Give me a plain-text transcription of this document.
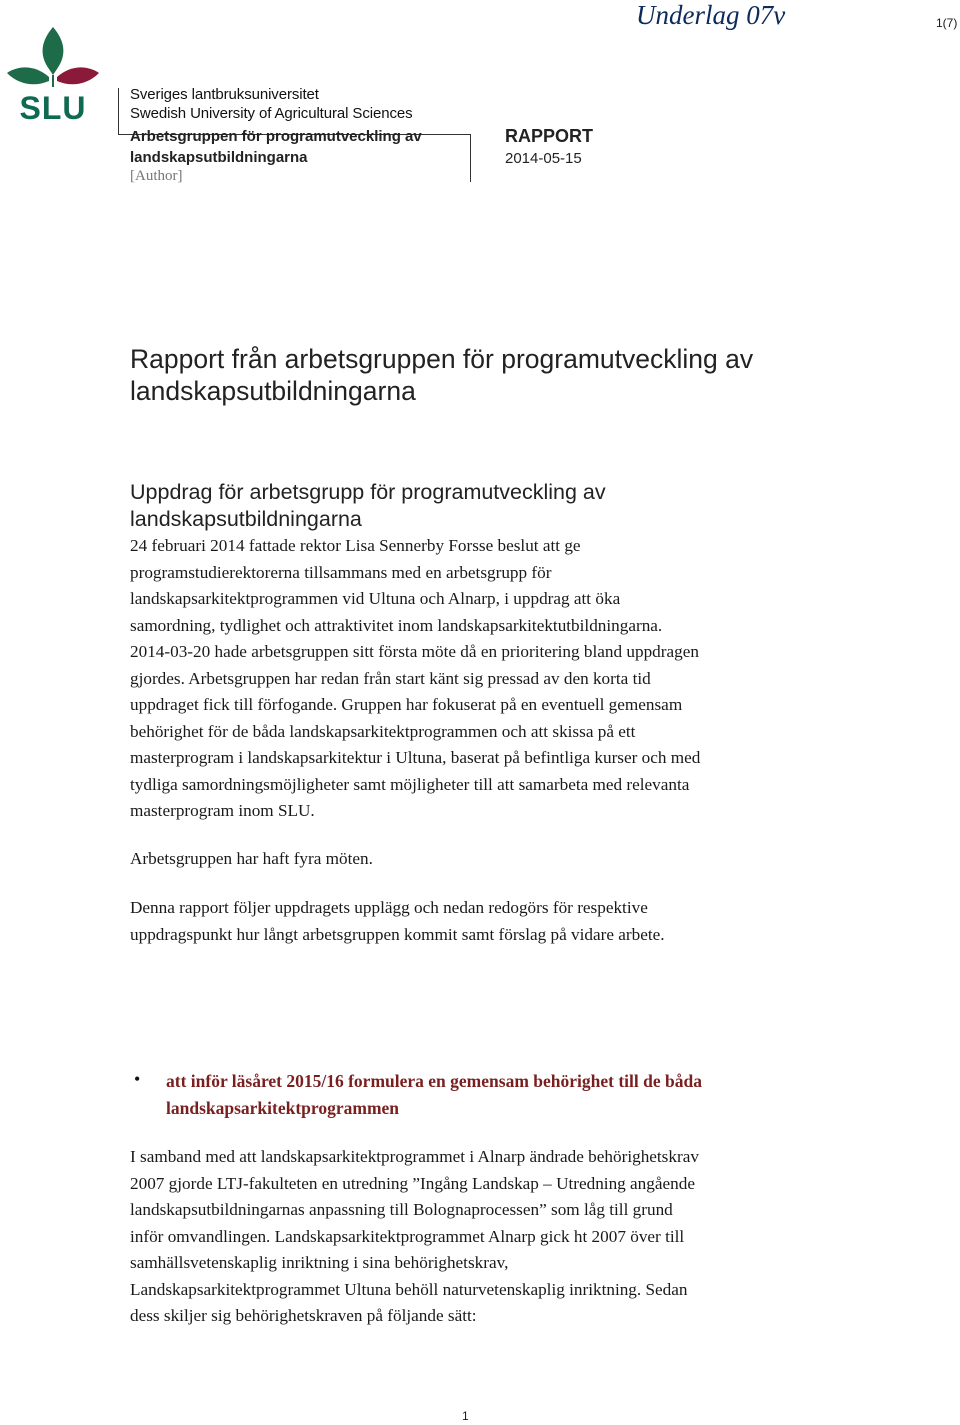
Underlag 07v	1(7)
SLU	Sveriges lantbruksuniversitet
Swedish University of Agricultural Sciences
Arbetsgruppen för programutveckling av
landskapsutbildningarna
[Author]
RAPPORT
2014-05-15
Rapport från arbetsgruppen för programutveckling av
landskapsutbildningarna
Uppdrag för arbetsgrupp för programutveckling av
landskapsutbildningarna
24 februari 2014 fattade rektor Lisa Sennerby Forsse beslut att ge
programstudierektorerna tillsammans med en arbetsgrupp för
landskapsarkitektprogrammen vid Ultuna och Alnarp, i uppdrag att öka
samordning, tydlighet och attraktivitet inom landskapsarkitektutbildningarna.
2014-03-20 hade arbetsgruppen sitt första möte då en prioritering bland uppdragen
gjordes. Arbetsgruppen har redan från start känt sig pressad av den korta tid
uppdraget fick till förfogande. Gruppen har fokuserat på en eventuell gemensam
behörighet för de båda landskapsarkitektprogrammen och att skissa på ett
masterprogram i landskapsarkitektur i Ultuna, baserat på befintliga kurser och med
tydliga samordningsmöjligheter samt möjligheter till att samarbeta med relevanta
masterprogram inom SLU.
Arbetsgruppen har haft fyra möten.
Denna rapport följer uppdragets upplägg och nedan redogörs för respektive
uppdragspunkt hur långt arbetsgruppen kommit samt förslag på vidare arbete.
• att inför läsåret 2015/16 formulera en gemensam behörighet till de båda
landskapsarkitektprogrammen
I samband med att landskapsarkitektprogrammet i Alnarp ändrade behörighetskrav
2007 gjorde LTJ-fakulteten en utredning ”Ingång Landskap – Utredning angående
landskapsutbildningarnas anpassning till Bolognaprocessen” som låg till grund
inför omvandlingen. Landskapsarkitektprogrammet Alnarp gick ht 2007 över till
samhällsvetenskaplig inriktning i sina behörighetskrav,
Landskapsarkitektprogrammet Ultuna behöll naturvetenskaplig inriktning. Sedan
dess skiljer sig behörighetskraven på följande sätt:
1
